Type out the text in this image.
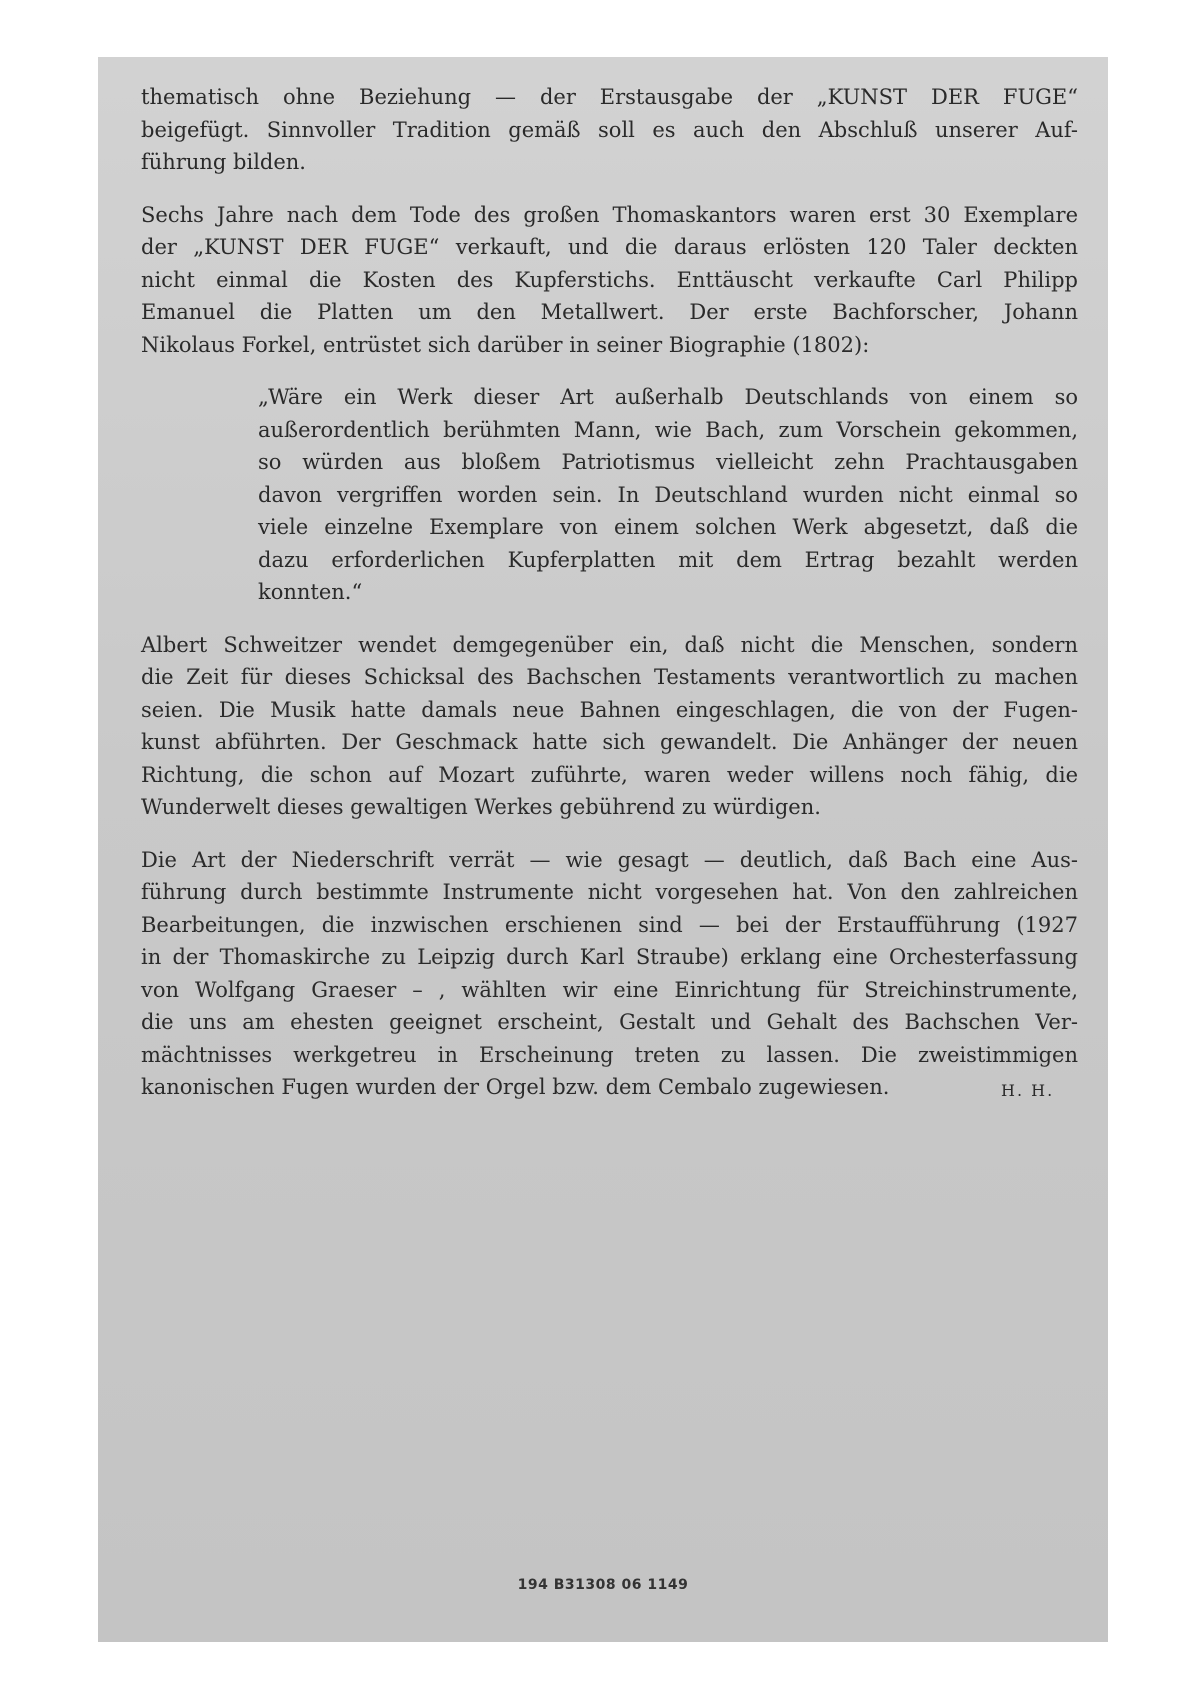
thematisch ohne Beziehung — der Erstausgabe der „KUNST DER FUGE“
beigefügt. Sinnvoller Tradition gemäß soll es auch den Abschluß unserer Auf-
führung bilden.

Sechs Jahre nach dem Tode des großen Thomaskantors waren erst 30 Exemplare
der „KUNST DER FUGE“ verkauft, und die daraus erlösten 120 Taler deckten
nicht einmal die Kosten des Kupferstichs. Enttäuscht verkaufte Carl Philipp
Emanuel die Platten um den Metallwert. Der erste Bachforscher, Johann
Nikolaus Forkel, entrüstet sich darüber in seiner Biographie (1802):

„Wäre ein Werk dieser Art außerhalb Deutschlands von einem so
außerordentlich berühmten Mann, wie Bach, zum Vorschein gekommen,
so würden aus bloßem Patriotismus vielleicht zehn Prachtausgaben
davon vergriffen worden sein. In Deutschland wurden nicht einmal so
viele einzelne Exemplare von einem solchen Werk abgesetzt, daß die
dazu erforderlichen Kupferplatten mit dem Ertrag bezahlt werden
konnten.“

Albert Schweitzer wendet demgegenüber ein, daß nicht die Menschen, sondern
die Zeit für dieses Schicksal des Bachschen Testaments verantwortlich zu machen
seien. Die Musik hatte damals neue Bahnen eingeschlagen, die von der Fugen-
kunst abführten. Der Geschmack hatte sich gewandelt. Die Anhänger der neuen
Richtung, die schon auf Mozart zuführte, waren weder willens noch fähig, die
Wunderwelt dieses gewaltigen Werkes gebührend zu würdigen.

Die Art der Niederschrift verrät — wie gesagt — deutlich, daß Bach eine Aus-
führung durch bestimmte Instrumente nicht vorgesehen hat. Von den zahlreichen
Bearbeitungen, die inzwischen erschienen sind — bei der Erstaufführung (1927
in der Thomaskirche zu Leipzig durch Karl Straube) erklang eine Orchesterfassung
von Wolfgang Graeser – , wählten wir eine Einrichtung für Streichinstrumente,
die uns am ehesten geeignet erscheint, Gestalt und Gehalt des Bachschen Ver-
mächtnisses werkgetreu in Erscheinung treten zu lassen. Die zweistimmigen
kanonischen Fugen wurden der Orgel bzw. dem Cembalo zugewiesen.	H. H.
194 B31308 06 1149
